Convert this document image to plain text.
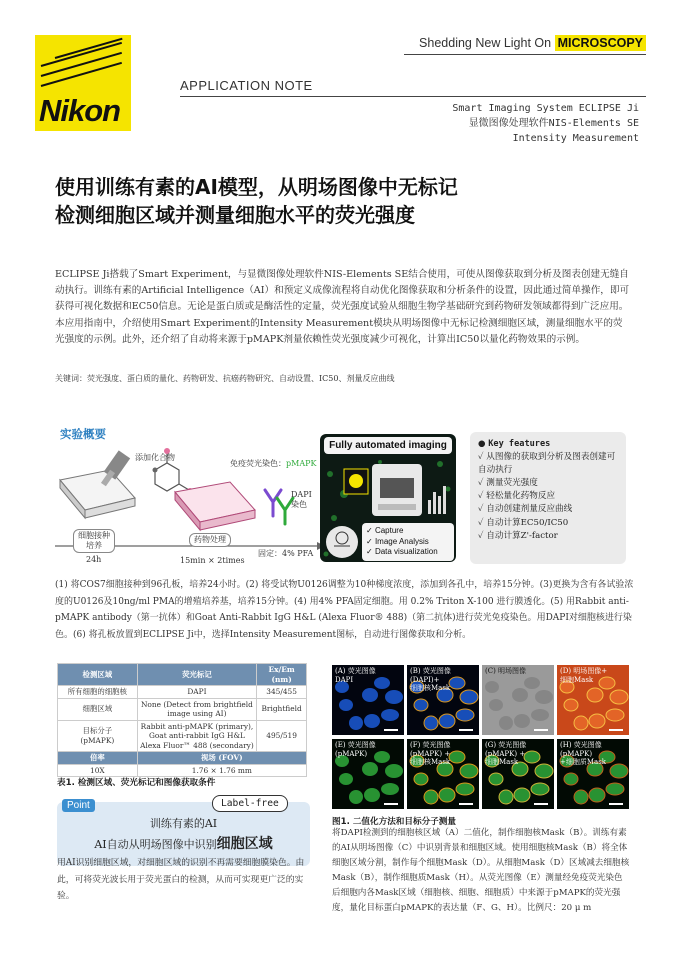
Nikon
Shedding New Light On MICROSCOPY
APPLICATION NOTE
Smart Imaging System ECLIPSE Ji
显微图像处理软件NIS-Elements SE
Intensity Measurement
使用训练有素的AI模型，从明场图像中无标记
检测细胞区域并测量细胞水平的荧光强度
ECLIPSE Ji搭载了Smart Experiment，与显微图像处理软件NIS-Elements SE结合使用，可使从图像获取到分析及图表创建无缝自动执行。训练有素的Artificial Intelligence（AI）和预定义成像流程将自动优化图像获取和分析条件的设置，因此通过简单操作，即可获得可视化数据和EC50信息。无论是蛋白质或是酶活性的定量，荧光强度试验从细胞生物学基础研究到药物研发领域都得到广泛应用。本应用指南中，介绍使用Smart Experiment的Intensity Measurement模块从明场图像中无标记检测细胞区域，测量细胞水平的荧光强度的示例。此外，还介绍了自动将来源于pMAPK剂量依赖性荧光强度减少可视化，计算出IC50以量化药物效果的示例。
关键词：荧光强度、蛋白质的量化、药物研发、抗癌药物研究、自动设置、IC50、剂量反应曲线
实验概要
添加化合物
免疫荧光染色：pMAPK
DAPI
染色
细胞接种
培养
24h
药物处理
15min × 2times
固定：4% PFA
Fully automated imaging
✓ Capture
✓ Image Analysis
✓ Data visualization
● Key features
✓ 从图像的获取到分析及图表创建可自动执行
✓ 测量荧光强度
✓ 轻松量化药物反应
✓ 自动创建剂量反应曲线
✓ 自动计算EC50/IC50
✓ 自动计算Z'-factor
(1) 将COS7细胞接种到96孔板，培养24小时。(2) 将受试物U0126调整为10种梯度浓度，添加到各孔中，培养15分钟。(3)更换为含有各试验浓度的U0126及10ng/ml PMA的增殖培养基，培养15分钟。(4) 用4% PFA固定细胞。用 0.2% Triton X-100 进行膜透化。(5) 用Rabbit anti-pMAPK antibody（第一抗体）和Goat Anti-Rabbit IgG H&L (Alexa Fluor® 488)（第二抗体)进行荧光免疫染色。用DAPI对细胞核进行染色。(6) 将孔板放置到ECLIPSE Ji中，选择Intensity Measurement图标，自动进行图像获取和分析。
检测区域	荧光标记	Ex/Em (nm)
所有细胞的细胞核	DAPI	345/455
细胞区域	None (Detect from brightfield image using AI)	Brightfield
目标分子
(pMAPK)	Rabbit anti-pMAPK (primary),
Goat anti-rabbit IgG H&L
Alexa Fluor™ 488 (secondary)	495/519
倍率	视场 (FOV)	
10X	1.76 × 1.76 mm	
表1. 检测区域、荧光标记和图像获取条件
Point	Label-free
训练有素的AI
AI自动从明场图像中识别细胞区域
用AI识别细胞区域，对细胞区域的识别不再需要细胞膜染色。由此，可将荧光波长用于荧光蛋白的检测，从而可实现更广泛的实验。
(A) 荧光图像
DAPI
(B) 荧光图像
(DAPI)+
细胞核Mask
(C) 明场图像	(D) 明场图像+
细胞Mask
(E) 荧光图像
(pMAPK)
(F) 荧光图像
(pMAPK) +
细胞核Mask
(G) 荧光图像
(pMAPK) +
细胞Mask
(H) 荧光图像
(pMAPK)
+细胞质Mask
图1. 二值化方法和目标分子测量
将DAPI检测到的细胞核区域（A）二值化，制作细胞核Mask（B）。训练有素的AI从明场图像（C）中识别背景和细胞区域。使用细胞核Mask（B）将全体细胞区域分割，制作每个细胞Mask（D）。从细胞Mask（D）区域减去细胞核Mask（B），制作细胞质Mask（H）。从荧光图像（E）测量经免疫荧光染色后细胞内各Mask区域（细胞核、细胞、细胞质）中来源于pMAPK的荧光强度，量化目标蛋白pMAPK的表达量（F、G、H）。比例尺：20 μ m
